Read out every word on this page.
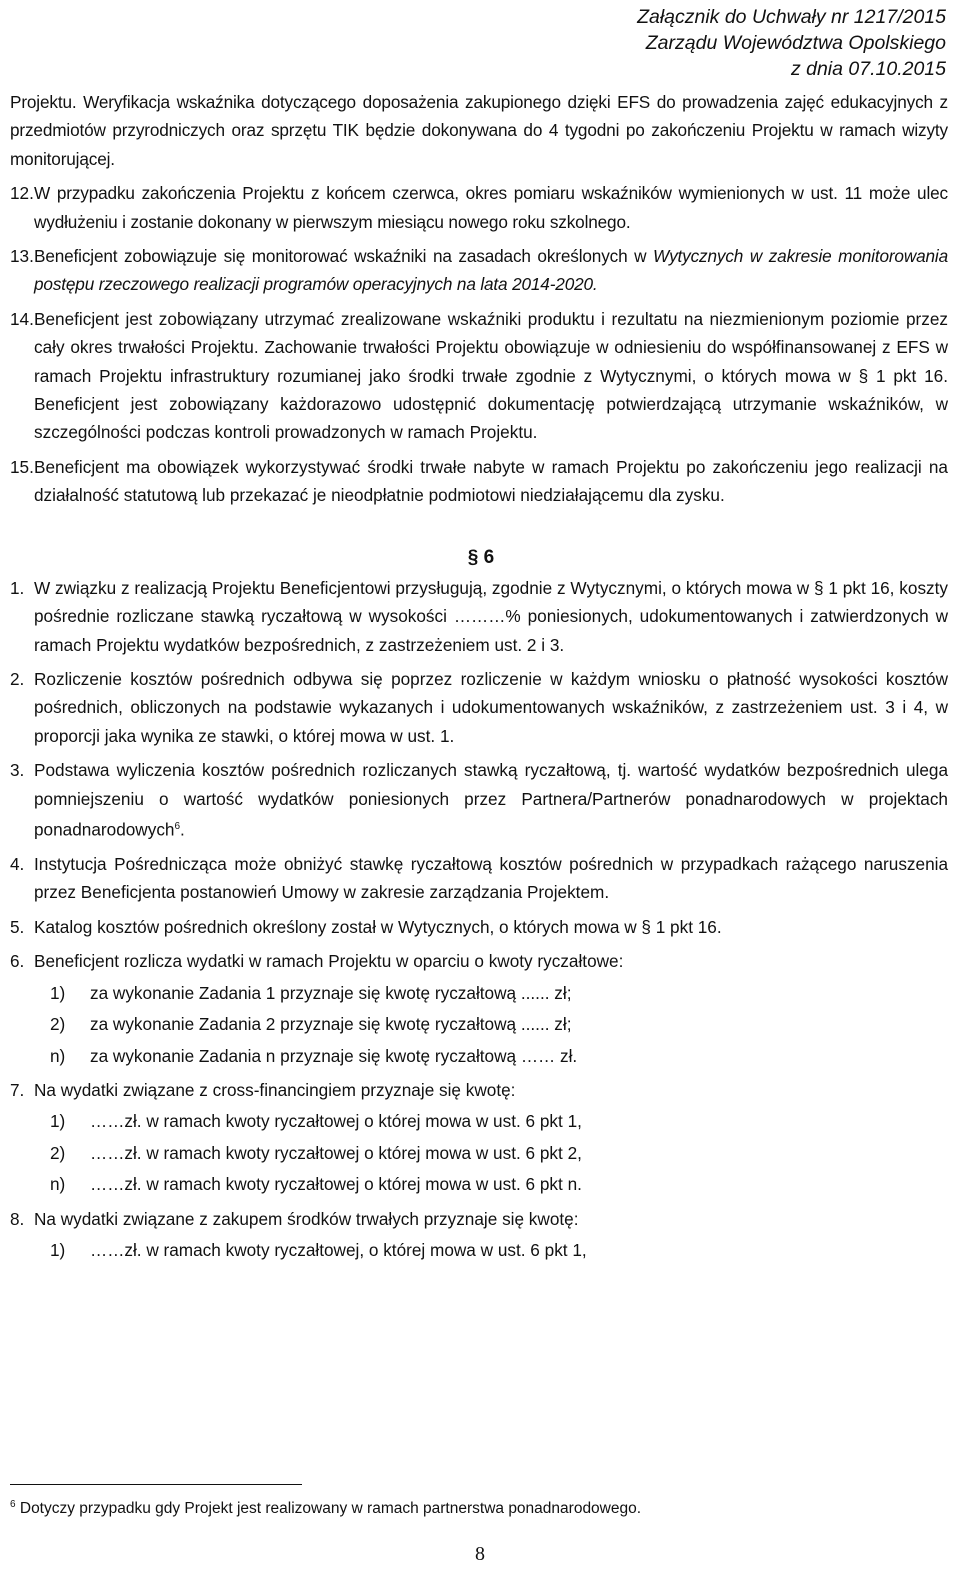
Załącznik do Uchwały nr 1217/2015
Zarządu Województwa Opolskiego
z dnia 07.10.2015

Projektu. Weryfikacja wskaźnika dotyczącego doposażenia zakupionego dzięki EFS do prowadzenia zajęć edukacyjnych z przedmiotów przyrodniczych oraz sprzętu TIK będzie dokonywana do 4 tygodni po zakończeniu Projektu w ramach wizyty monitorującej.

12. W przypadku zakończenia Projektu z końcem czerwca, okres pomiaru wskaźników wymienionych w ust. 11 może ulec wydłużeniu i zostanie dokonany w pierwszym miesiącu nowego roku szkolnego.

13. Beneficjent zobowiązuje się monitorować wskaźniki na zasadach określonych w Wytycznych w zakresie monitorowania postępu rzeczowego realizacji programów operacyjnych na lata 2014-2020.

14. Beneficjent jest zobowiązany utrzymać zrealizowane wskaźniki produktu i rezultatu na niezmienionym poziomie przez cały okres trwałości Projektu. Zachowanie trwałości Projektu obowiązuje w odniesieniu do współfinansowanej z EFS w ramach Projektu infrastruktury rozumianej jako środki trwałe zgodnie z Wytycznymi, o których mowa w § 1 pkt 16. Beneficjent jest zobowiązany każdorazowo udostępnić dokumentację potwierdzającą utrzymanie wskaźników, w szczególności podczas kontroli prowadzonych w ramach Projektu.

15. Beneficjent ma obowiązek wykorzystywać środki trwałe nabyte w ramach Projektu po zakończeniu jego realizacji na działalność statutową lub przekazać je nieodpłatnie podmiotowi niedziałającemu dla zysku.

§ 6
1. W związku z realizacją Projektu Beneficjentowi przysługują, zgodnie z Wytycznymi, o których mowa w § 1 pkt 16, koszty pośrednie rozliczane stawką ryczałtową w wysokości ………% poniesionych, udokumentowanych i zatwierdzonych w ramach Projektu wydatków bezpośrednich, z zastrzeżeniem ust. 2 i 3.

2. Rozliczenie kosztów pośrednich odbywa się poprzez rozliczenie w każdym wniosku o płatność wysokości kosztów pośrednich, obliczonych na podstawie wykazanych i udokumentowanych wskaźników, z zastrzeżeniem ust. 3 i 4, w proporcji jaka wynika ze stawki, o której mowa w ust. 1.

3. Podstawa wyliczenia kosztów pośrednich rozliczanych stawką ryczałtową, tj. wartość wydatków bezpośrednich ulega pomniejszeniu o wartość wydatków poniesionych przez Partnera/Partnerów ponadnarodowych w projektach ponadnarodowych$^6$.

4. Instytucja Pośrednicząca może obniżyć stawkę ryczałtową kosztów pośrednich w przypadkach rażącego naruszenia przez Beneficjenta postanowień Umowy w zakresie zarządzania Projektem.

5. Katalog kosztów pośrednich określony został w Wytycznych, o których mowa w § 1 pkt 16.

6. Beneficjent rozlicza wydatki w ramach Projektu w oparciu o kwoty ryczałtowe:

1)	za wykonanie Zadania 1 przyznaje się kwotę ryczałtową ...... zł;
2)	za wykonanie Zadania 2 przyznaje się kwotę ryczałtową ...... zł;
n)	za wykonanie Zadania n przyznaje się kwotę ryczałtową …… zł.
7. Na wydatki związane z cross-financingiem przyznaje się kwotę:

1)	……zł. w ramach kwoty ryczałtowej o której mowa w ust. 6 pkt 1,
2)	……zł. w ramach kwoty ryczałtowej o której mowa w ust. 6 pkt 2,
n)	……zł. w ramach kwoty ryczałtowej o której mowa w ust. 6 pkt n.
8. Na wydatki związane z zakupem środków trwałych przyznaje się kwotę:

1)	……zł. w ramach kwoty ryczałtowej, o której mowa w ust. 6 pkt 1,
$^6$ Dotyczy przypadku gdy Projekt jest realizowany w ramach partnerstwa ponadnarodowego.
8
